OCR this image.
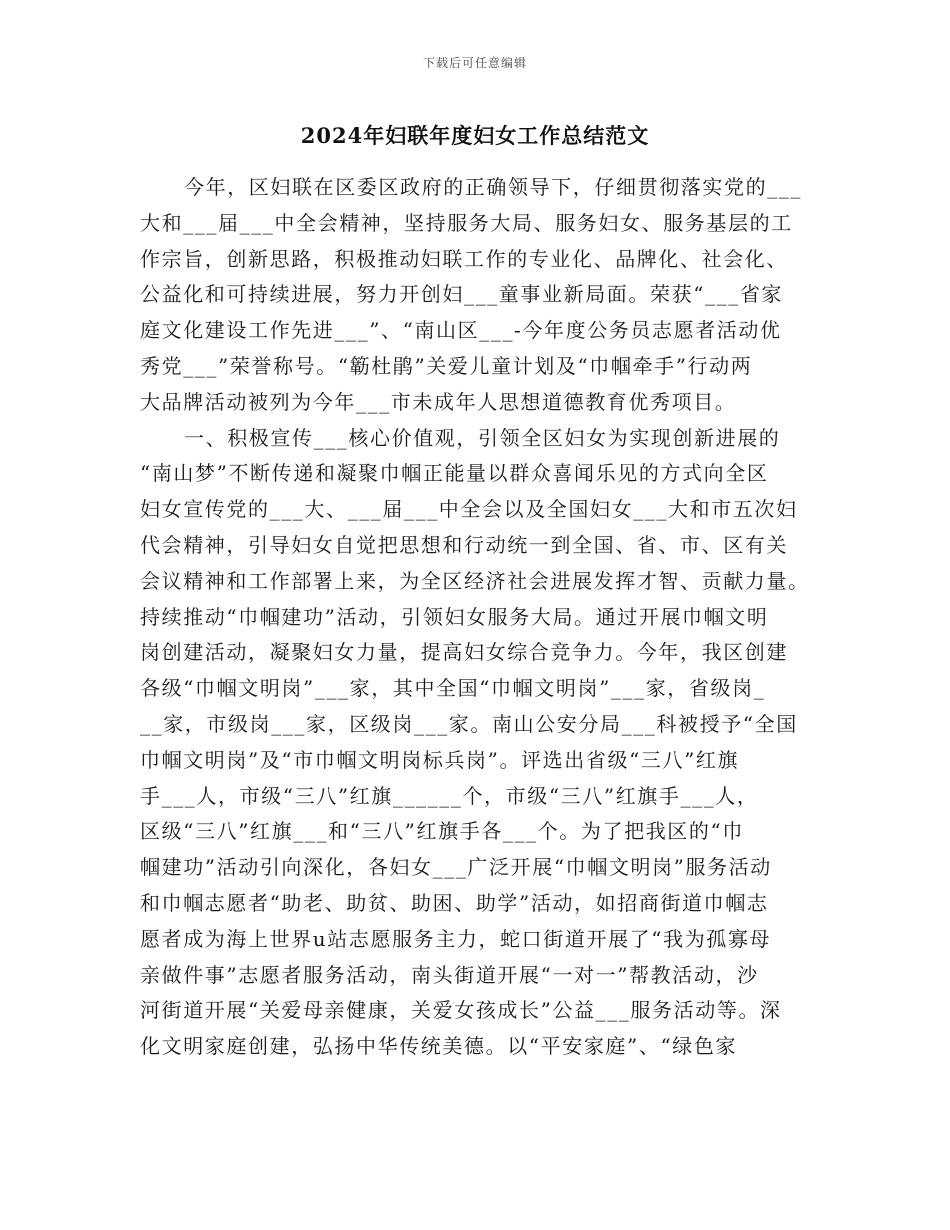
下载后可任意编辑
2024年妇联年度妇女工作总结范文

今年，区妇联在区委区政府的正确领导下，仔细贯彻落实党的___
大和___届___中全会精神，坚持服务大局、服务妇女、服务基层的工
作宗旨，创新思路，积极推动妇联工作的专业化、品牌化、社会化、
公益化和可持续进展，努力开创妇___童事业新局面。荣获“___省家
庭文化建设工作先进___”、“南山区___-今年度公务员志愿者活动优
秀党___”荣誉称号。“簕杜鹃”关爱儿童计划及“巾帼牵手”行动两
大品牌活动被列为今年___市未成年人思想道德教育优秀项目。

一、积极宣传___核心价值观，引领全区妇女为实现创新进展的
“南山梦”不断传递和凝聚巾帼正能量以群众喜闻乐见的方式向全区
妇女宣传党的___大、___届___中全会以及全国妇女___大和市五次妇
代会精神，引导妇女自觉把思想和行动统一到全国、省、市、区有关
会议精神和工作部署上来，为全区经济社会进展发挥才智、贡献力量。
持续推动“巾帼建功”活动，引领妇女服务大局。通过开展巾帼文明
岗创建活动，凝聚妇女力量，提高妇女综合竞争力。今年，我区创建
各级“巾帼文明岗”___家，其中全国“巾帼文明岗”___家，省级岗_
__家，市级岗___家，区级岗___家。南山公安分局___科被授予“全国
巾帼文明岗”及“市巾帼文明岗标兵岗”。评选出省级“三八”红旗
手___人，市级“三八”红旗______个，市级“三八”红旗手___人，
区级“三八”红旗___和“三八”红旗手各___个。为了把我区的“巾
帼建功”活动引向深化，各妇女___广泛开展“巾帼文明岗”服务活动
和巾帼志愿者“助老、助贫、助困、助学”活动，如招商街道巾帼志
愿者成为海上世界u站志愿服务主力，蛇口街道开展了“我为孤寡母
亲做件事”志愿者服务活动，南头街道开展“一对一”帮教活动，沙
河街道开展“关爱母亲健康，关爱女孩成长”公益___服务活动等。深
化文明家庭创建，弘扬中华传统美德。以“平安家庭”、“绿色家
